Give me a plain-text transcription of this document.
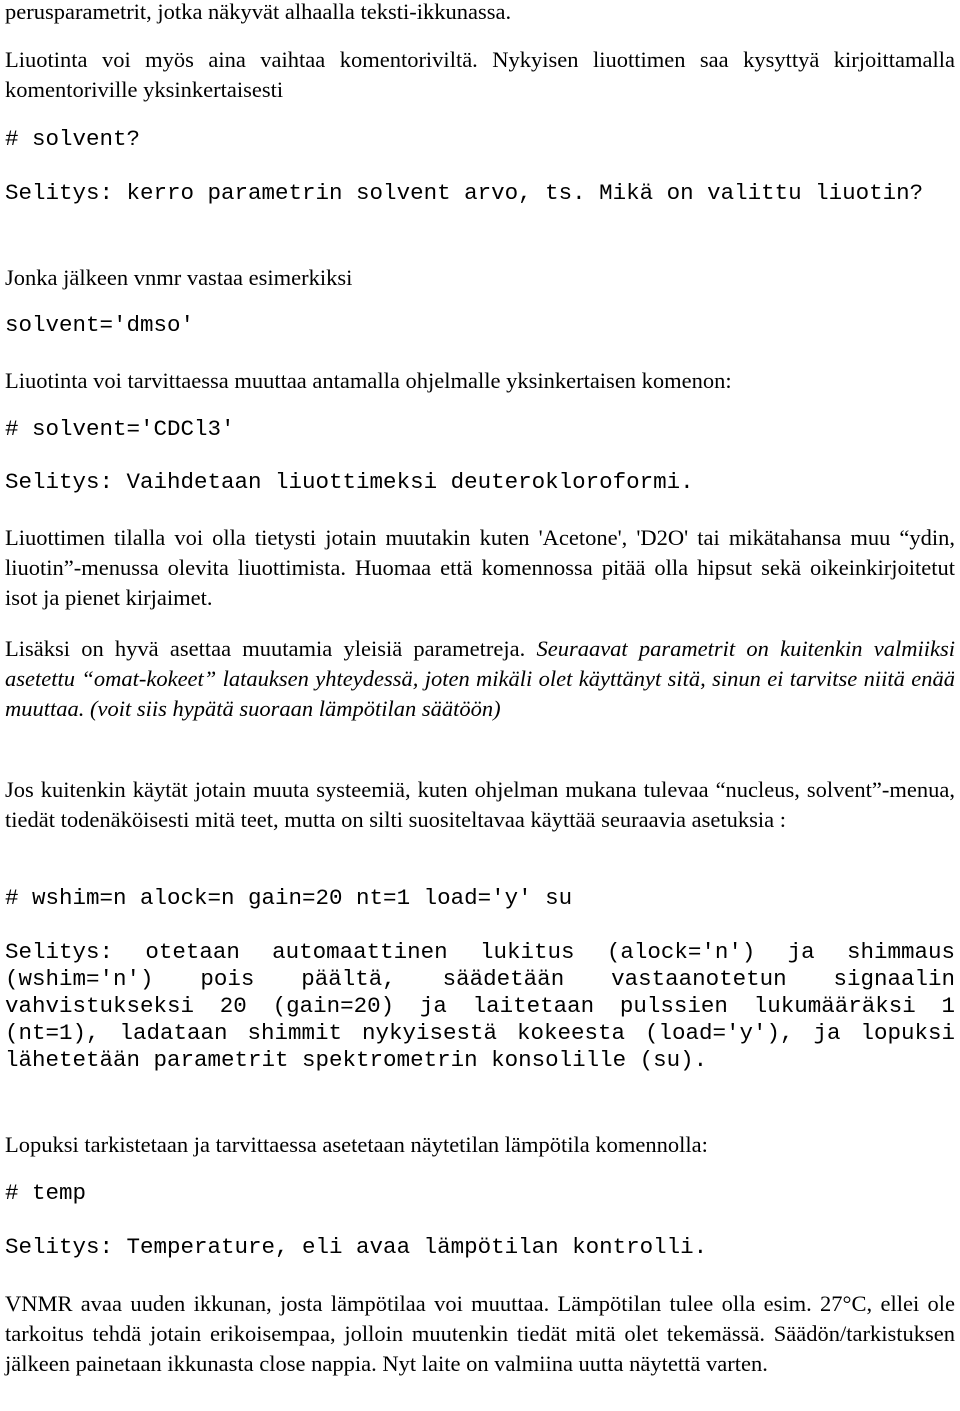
perusparametrit, jotka näkyvät alhaalla teksti-ikkunassa.

Liuotinta voi myös aina vaihtaa komentoriviltä. Nykyisen liuottimen saa kysyttyä kirjoittamalla komentoriville yksinkertaisesti

# solvent?

Selitys: kerro parametrin solvent arvo, ts. Mikä on valittu liuotin?

Jonka jälkeen vnmr vastaa esimerkiksi

solvent='dmso'

Liuotinta voi tarvittaessa muuttaa antamalla ohjelmalle yksinkertaisen komenon:

# solvent='CDCl3'

Selitys: Vaihdetaan liuottimeksi deuterokloroformi.

Liuottimen tilalla voi olla tietysti jotain muutakin kuten 'Acetone', 'D2O' tai mikätahansa muu “ydin, liuotin”-menussa olevita liuottimista. Huomaa että komennossa pitää olla hipsut sekä oikeinkirjoitetut isot ja pienet kirjaimet.

Lisäksi on hyvä asettaa muutamia yleisiä parametreja. Seuraavat parametrit on kuitenkin valmiiksi asetettu “omat-kokeet” latauksen yhteydessä, joten mikäli olet käyttänyt sitä, sinun ei tarvitse niitä enää muuttaa. (voit siis hypätä suoraan lämpötilan säätöön)

Jos kuitenkin käytät jotain muuta systeemiä, kuten ohjelman mukana tulevaa “nucleus, solvent”-menua, tiedät todenäköisesti mitä teet, mutta on silti suositeltavaa käyttää seuraavia asetuksia :

# wshim=n alock=n gain=20 nt=1 load='y' su

Selitys: otetaan automaattinen lukitus (alock='n') ja shimmaus (wshim='n') pois päältä, säädetään vastaanotetun signaalin vahvistukseksi 20 (gain=20) ja laitetaan pulssien lukumääräksi 1 (nt=1), ladataan shimmit nykyisestä kokeesta (load='y'), ja lopuksi lähetetään parametrit spektrometrin konsolille (su).

Lopuksi tarkistetaan ja tarvittaessa asetetaan näytetilan lämpötila komennolla:

# temp

Selitys: Temperature, eli avaa lämpötilan kontrolli.

VNMR avaa uuden ikkunan, josta lämpötilaa voi muuttaa. Lämpötilan tulee olla esim. 27°C, ellei ole tarkoitus tehdä jotain erikoisempaa, jolloin muutenkin tiedät mitä olet tekemässä. Säädön/tarkistuksen jälkeen painetaan ikkunasta close nappia. Nyt laite on valmiina uutta näytettä varten.
